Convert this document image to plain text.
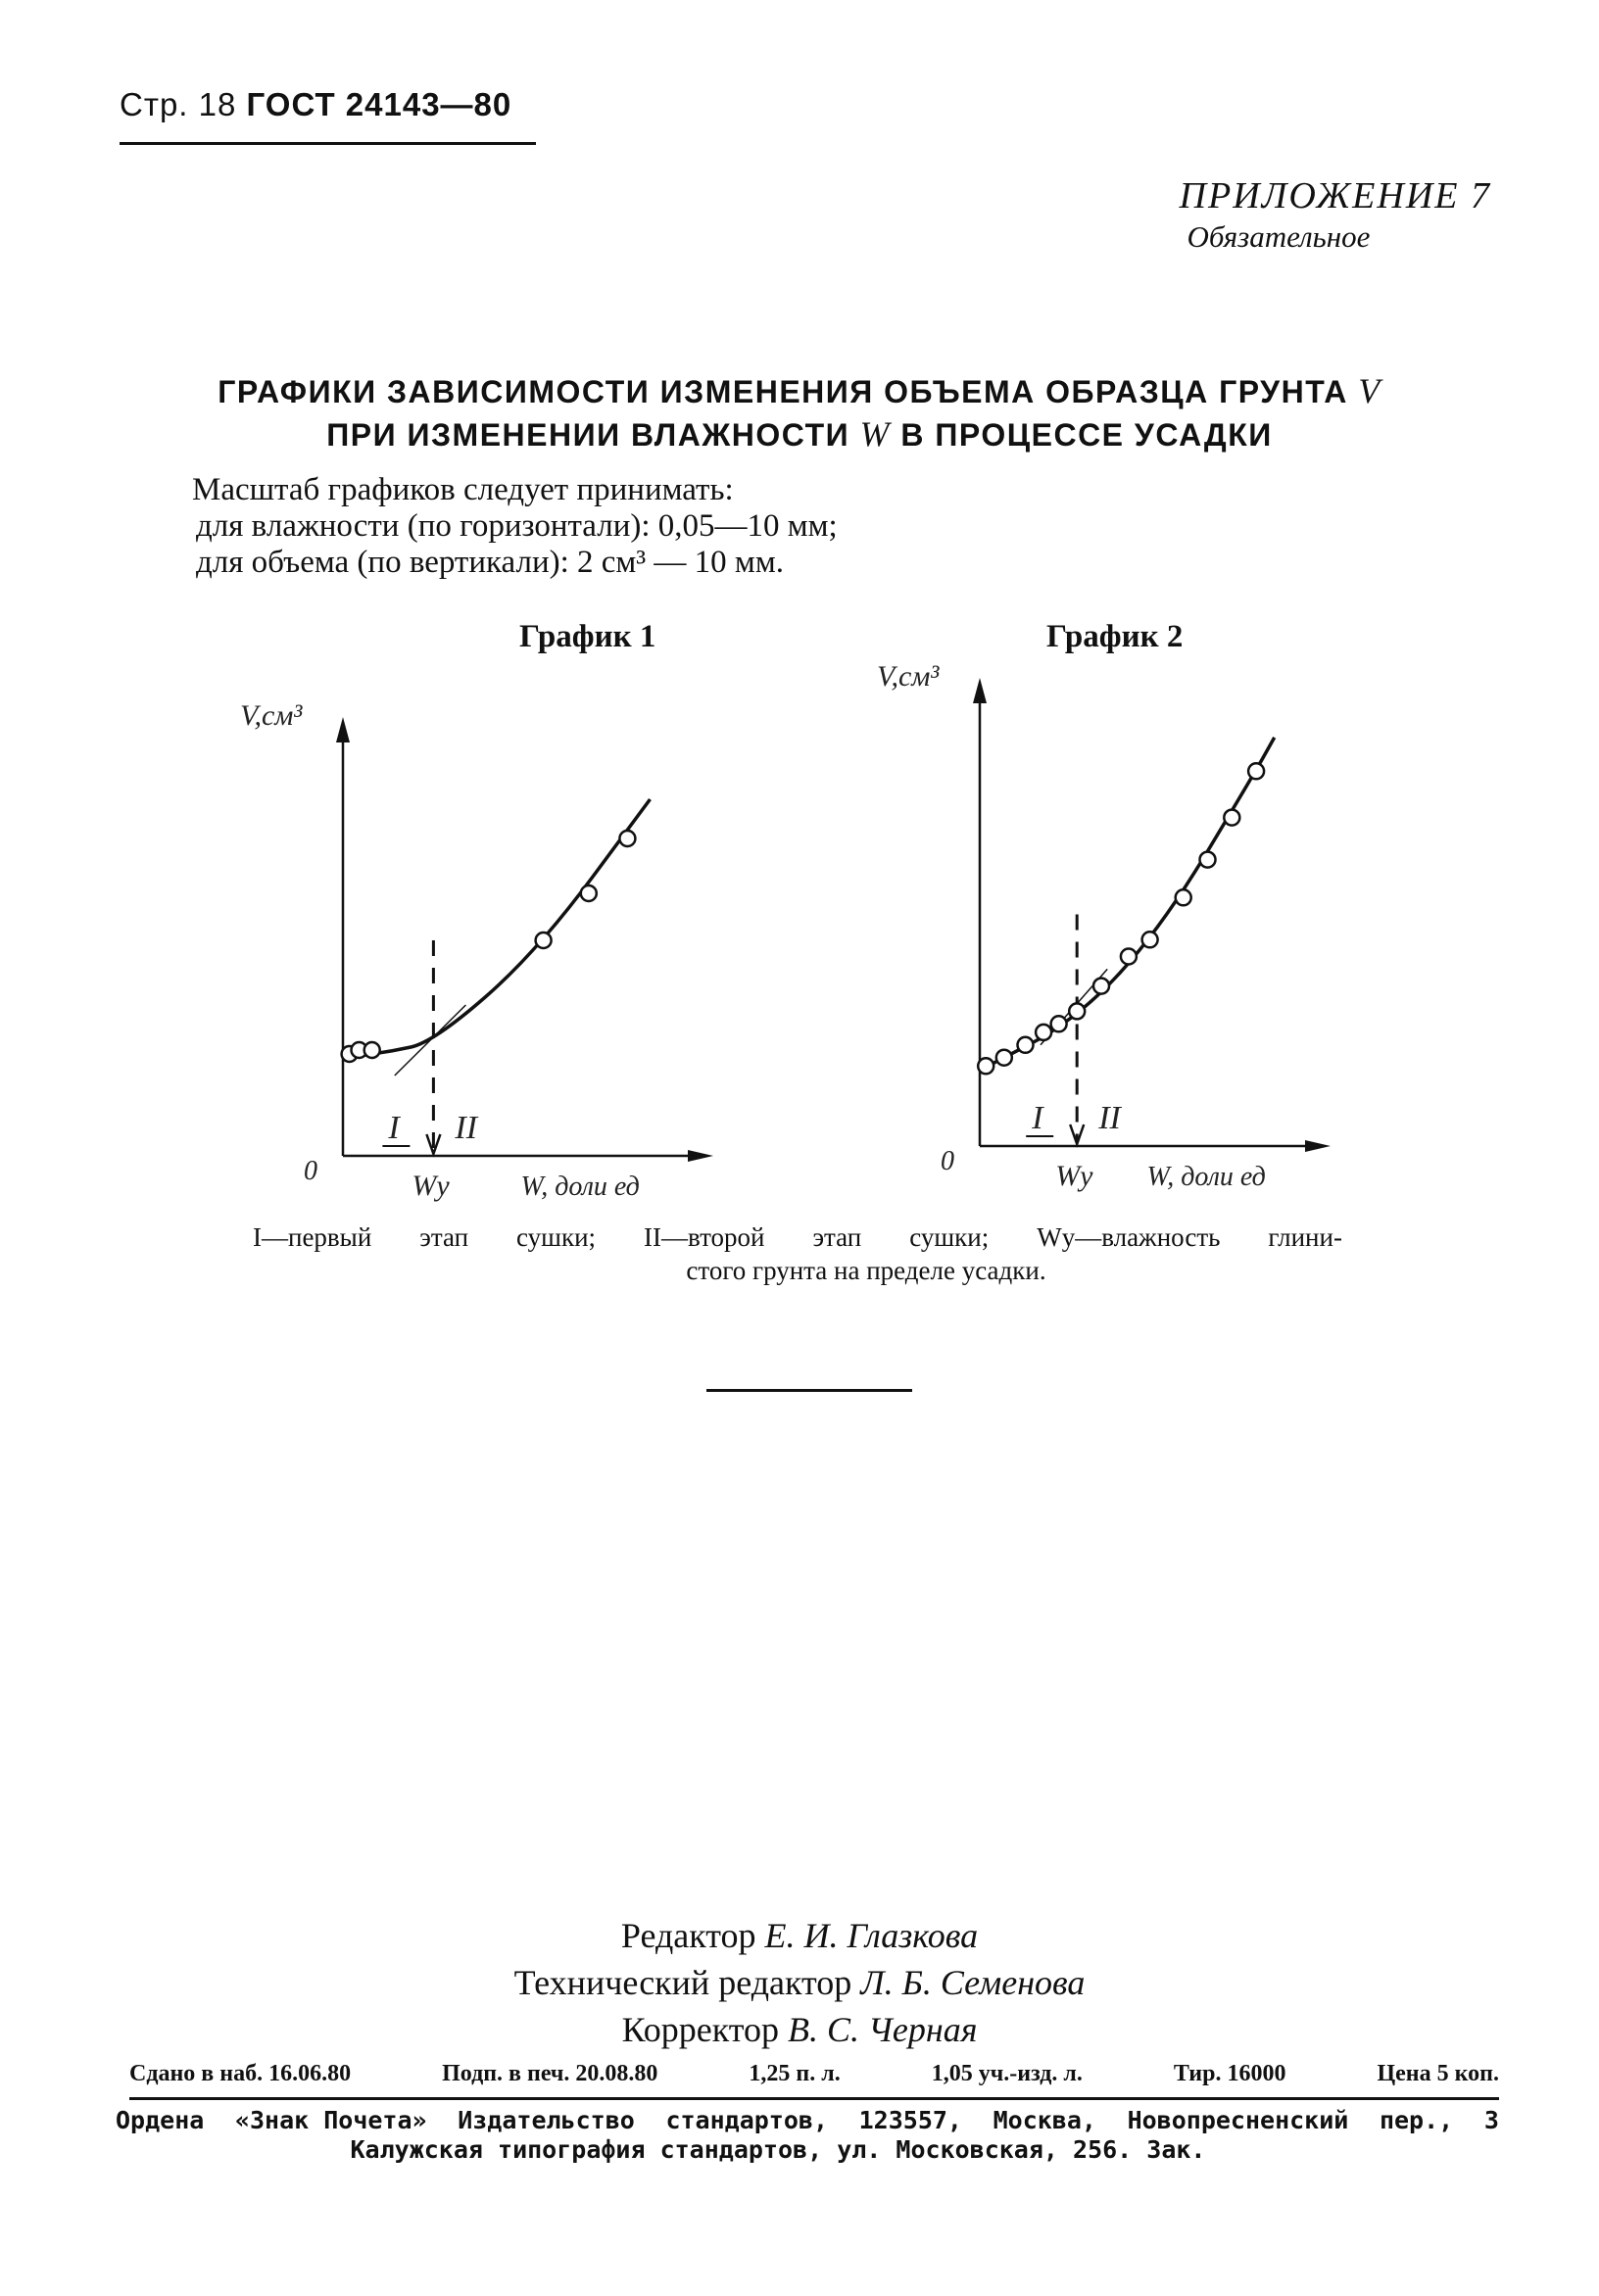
Стр. 18 ГОСТ 24143—80
ПРИЛОЖЕНИЕ 7
Обязательное
ГРАФИКИ ЗАВИСИМОСТИ ИЗМЕНЕНИЯ ОБЪЕМА ОБРАЗЦА ГРУНТА V
ПРИ ИЗМЕНЕНИИ ВЛАЖНОСТИ W В ПРОЦЕССЕ УСАДКИ
Масштаб графиков следует принимать:
для влажности (по горизонтали): 0,05—10 мм;
для объема (по вертикали): 2 см³ — 10 мм.
График 1	График 2
V,см³
0
I II
Wу	W, доли ед
V,см³
0
I II
Wу W, доли ед
I—первый этап сушки; II—второй этап сушки; Wу—влажность глини-
стого грунта на пределе усадки.
Редактор Е. И. Глазкова
Технический редактор Л. Б. Семенова
Корректор В. С. Черная
Сдано в наб. 16.06.80	Подп. в печ. 20.08.80	1,25 п. л.	1,05 уч.-изд. л.	Тир. 16000	Цена 5 коп.
Ордена «Знак Почета» Издательство стандартов, 123557, Москва, Новопресненский пер., 3
Калужская типография стандартов, ул. Московская, 256. Зак.
